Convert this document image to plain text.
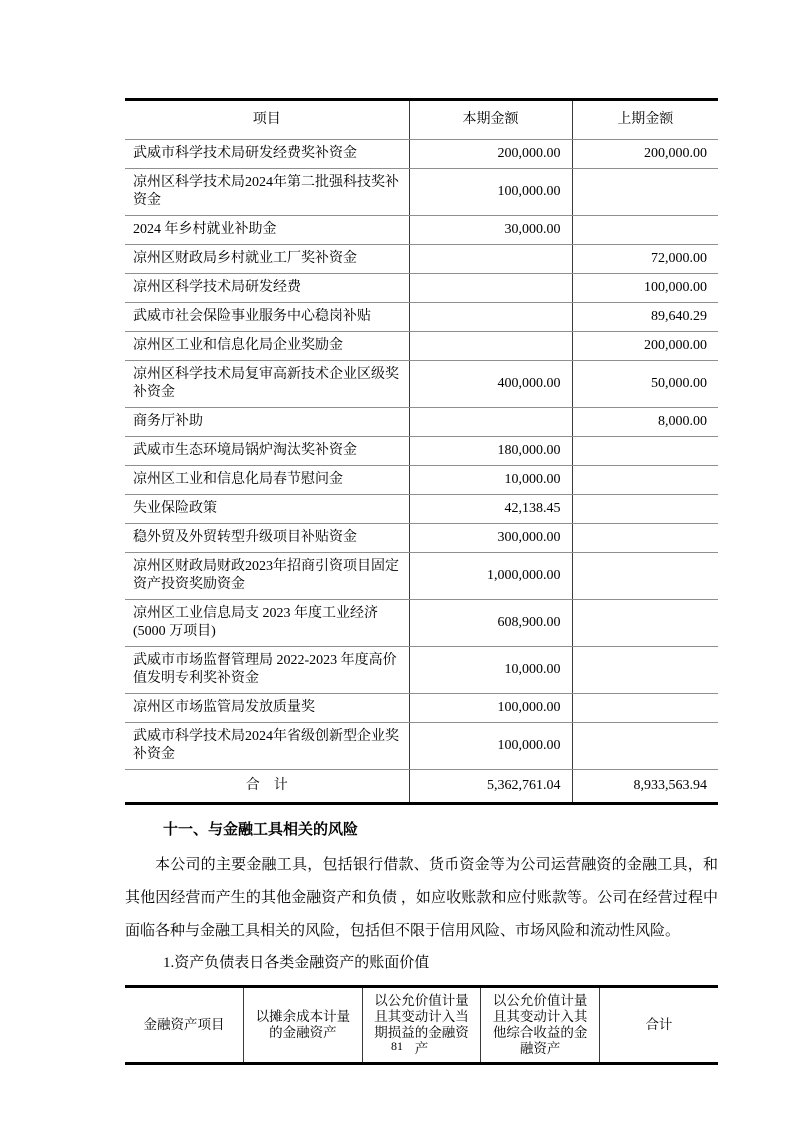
项目	本期金额	上期金额
武威市科学技术局研发经费奖补资金	200,000.00	200,000.00
凉州区科学技术局2024年第二批强科技奖补资金	100,000.00	
2024 年乡村就业补助金	30,000.00	
凉州区财政局乡村就业工厂奖补资金		72,000.00
凉州区科学技术局研发经费		100,000.00
武威市社会保险事业服务中心稳岗补贴		89,640.29
凉州区工业和信息化局企业奖励金		200,000.00
凉州区科学技术局复审高新技术企业区级奖补资金	400,000.00	50,000.00
商务厅补助		8,000.00
武威市生态环境局锅炉淘汰奖补资金	180,000.00	
凉州区工业和信息化局春节慰问金	10,000.00	
失业保险政策	42,138.45	
稳外贸及外贸转型升级项目补贴资金	300,000.00	
凉州区财政局财政2023年招商引资项目固定资产投资奖励资金	1,000,000.00	
凉州区工业信息局支 2023 年度工业经济(5000 万项目)	608,900.00	
武威市市场监督管理局 2022-2023 年度高价值发明专利奖补资金	10,000.00	
凉州区市场监管局发放质量奖	100,000.00	
武威市科学技术局2024年省级创新型企业奖补资金	100,000.00	
合　计	5,362,761.04	8,933,563.94
十一、与金融工具相关的风险

本公司的主要金融工具，包括银行借款、货币资金等为公司运营融资的金融工具，和其他因经营而产生的其他金融资产和负债 ，如应收账款和应付账款等。公司在经营过程中面临各种与金融工具相关的风险，包括但不限于信用风险、市场风险和流动性风险。

1.资产负债表日各类金融资产的账面价值

金融资产项目	以摊余成本计量的金融资产	以公允价值计量且其变动计入当期损益的金融资产	以公允价值计量且其变动计入其他综合收益的金融资产	合计
81
